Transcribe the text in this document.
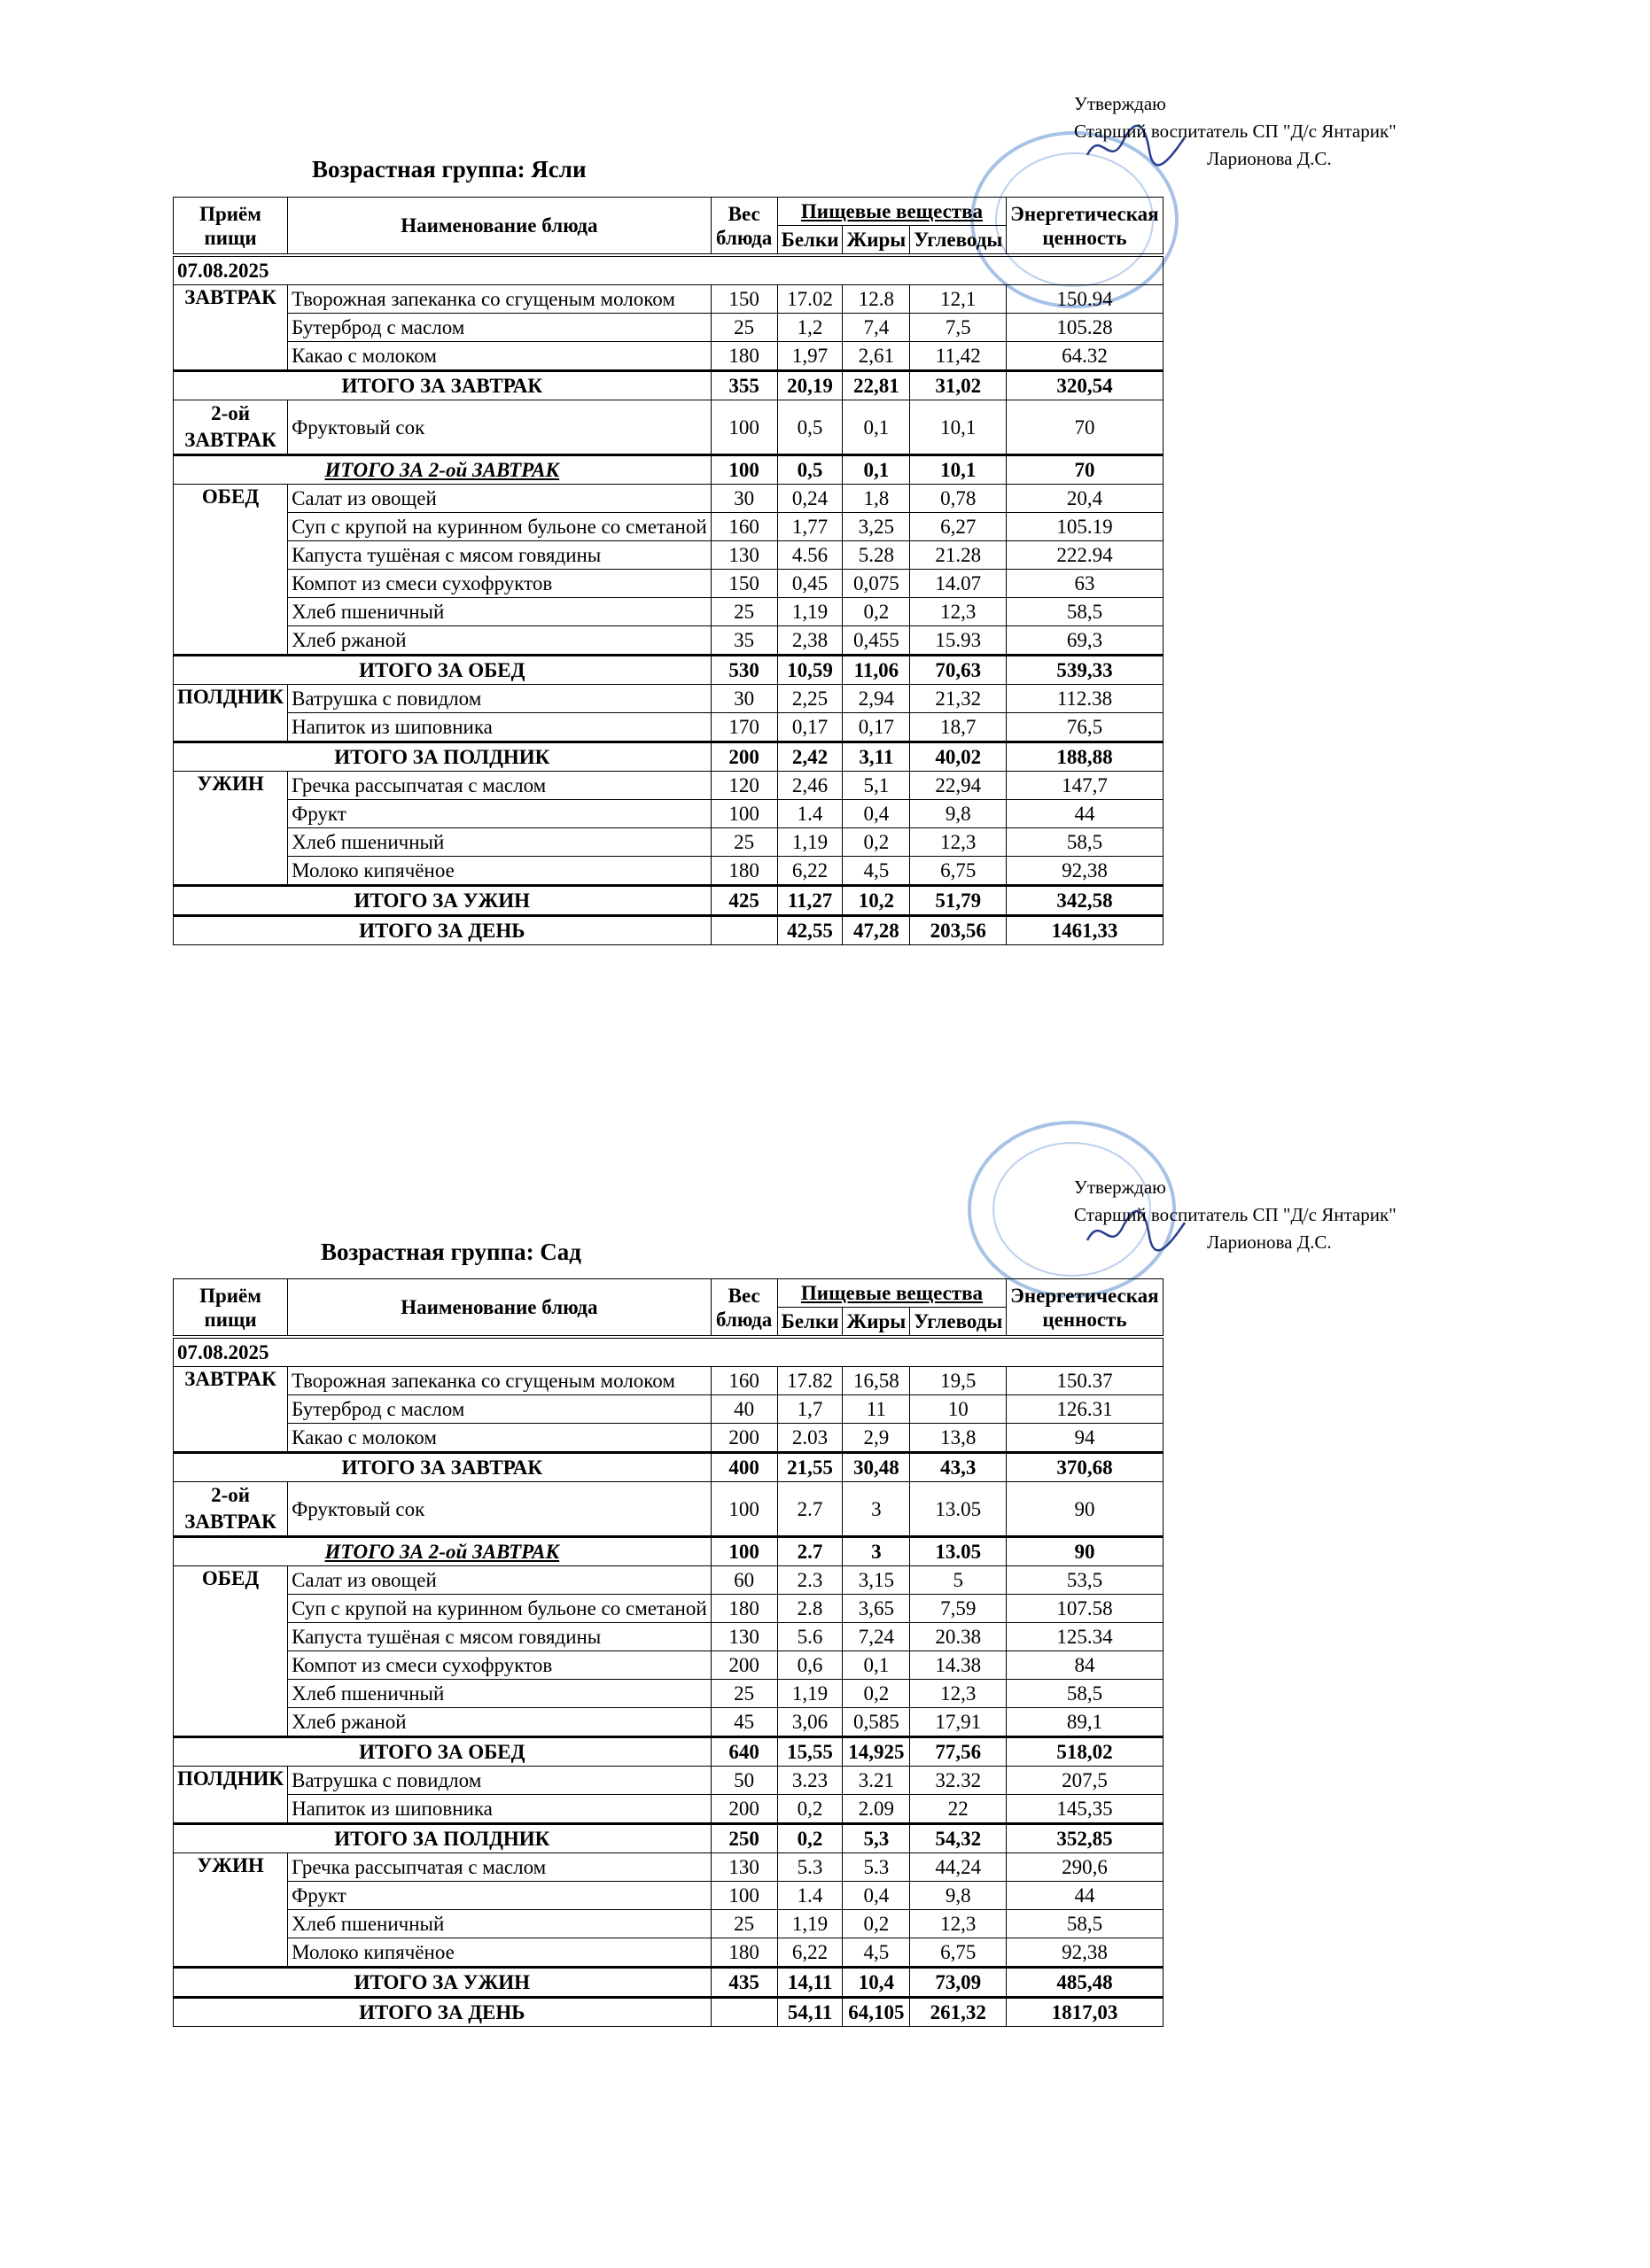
Утверждаю
Старший воспитатель СП "Д/с Янтарик"
Ларионова Д.С.
Возрастная группа: Ясли
Приём пищи	Наименование блюда	Вес блюда	Пищевые вещества			Энергетическая ценность
			Белки	Жиры	Углеводы	
07.08.2025						
ЗАВТРАК	Творожная запеканка со сгущеным молоком	150	17.02	12.8	12,1	150.94
	Бутерброд с маслом	25	1,2	7,4	7,5	105.28
	Какао с молоком	180	1,97	2,61	11,42	64.32
ИТОГО ЗА ЗАВТРАК		355	20,19	22,81	31,02	320,54
2-ой ЗАВТРАК	Фруктовый сок	100	0,5	0,1	10,1	70
ИТОГО ЗА 2-ой ЗАВТРАК		100	0,5	0,1	10,1	70
ОБЕД	Салат из овощей	30	0,24	1,8	0,78	20,4
	Суп с крупой на куринном бульоне со сметаной	160	1,77	3,25	6,27	105.19
	Капуста тушёная с мясом говядины	130	4.56	5.28	21.28	222.94
	Компот из смеси сухофруктов	150	0,45	0,075	14.07	63
	Хлеб пшеничный	25	1,19	0,2	12,3	58,5
	Хлеб ржаной	35	2,38	0,455	15.93	69,3
ИТОГО ЗА ОБЕД		530	10,59	11,06	70,63	539,33
ПОЛДНИК	Ватрушка с повидлом	30	2,25	2,94	21,32	112.38
	Напиток из шиповника	170	0,17	0,17	18,7	76,5
ИТОГО ЗА ПОЛДНИК		200	2,42	3,11	40,02	188,88
УЖИН	Гречка рассыпчатая с маслом	120	2,46	5,1	22,94	147,7
	Фрукт	100	1.4	0,4	9,8	44
	Хлеб пшеничный	25	1,19	0,2	12,3	58,5
	Молоко кипячёное	180	6,22	4,5	6,75	92,38
ИТОГО ЗА УЖИН		425	11,27	10,2	51,79	342,58
ИТОГО ЗА ДЕНЬ			42,55	47,28	203,56	1461,33
Утверждаю
Старший воспитатель СП "Д/с Янтарик"
Ларионова Д.С.
Возрастная группа: Сад
Приём пищи	Наименование блюда	Вес блюда	Пищевые вещества			Энергетическая ценность
			Белки	Жиры	Углеводы	
07.08.2025						
ЗАВТРАК	Творожная запеканка со сгущеным молоком	160	17.82	16,58	19,5	150.37
	Бутерброд с маслом	40	1,7	11	10	126.31
	Какао с молоком	200	2.03	2,9	13,8	94
ИТОГО ЗА ЗАВТРАК		400	21,55	30,48	43,3	370,68
2-ой ЗАВТРАК	Фруктовый сок	100	2.7	3	13.05	90
ИТОГО ЗА 2-ой ЗАВТРАК		100	2.7	3	13.05	90
ОБЕД	Салат из овощей	60	2.3	3,15	5	53,5
	Суп с крупой на куринном бульоне со сметаной	180	2.8	3,65	7,59	107.58
	Капуста тушёная с мясом говядины	130	5.6	7,24	20.38	125.34
	Компот из смеси сухофруктов	200	0,6	0,1	14.38	84
	Хлеб пшеничный	25	1,19	0,2	12,3	58,5
	Хлеб ржаной	45	3,06	0,585	17,91	89,1
ИТОГО ЗА ОБЕД		640	15,55	14,925	77,56	518,02
ПОЛДНИК	Ватрушка с повидлом	50	3.23	3.21	32.32	207,5
	Напиток из шиповника	200	0,2	2.09	22	145,35
ИТОГО ЗА ПОЛДНИК		250	0,2	5,3	54,32	352,85
УЖИН	Гречка рассыпчатая с маслом	130	5.3	5.3	44,24	290,6
	Фрукт	100	1.4	0,4	9,8	44
	Хлеб пшеничный	25	1,19	0,2	12,3	58,5
	Молоко кипячёное	180	6,22	4,5	6,75	92,38
ИТОГО ЗА УЖИН		435	14,11	10,4	73,09	485,48
ИТОГО ЗА ДЕНЬ			54,11	64,105	261,32	1817,03
